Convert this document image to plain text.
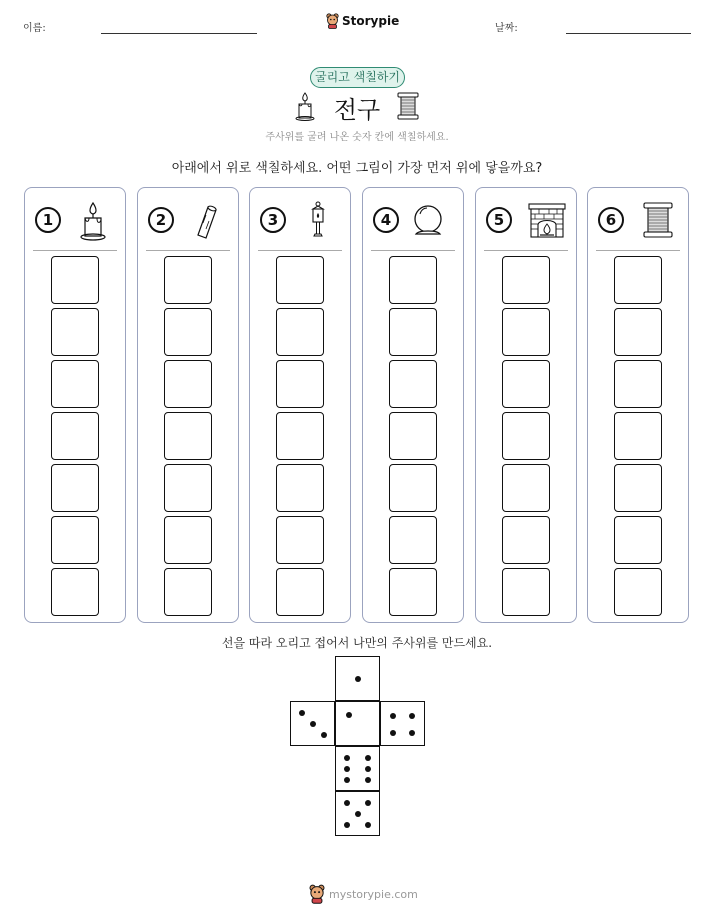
이름:
Storypie
날짜:
굴리고 색칠하기
전구
주사위를 굴려 나온 숫자 칸에 색칠하세요.
아래에서 위로 색칠하세요. 어떤 그림이 가장 먼저 위에 닿을까요?
1	2	3	4	5	6
선을 따라 오리고 접어서 나만의 주사위를 만드세요.
mystorypie.com
